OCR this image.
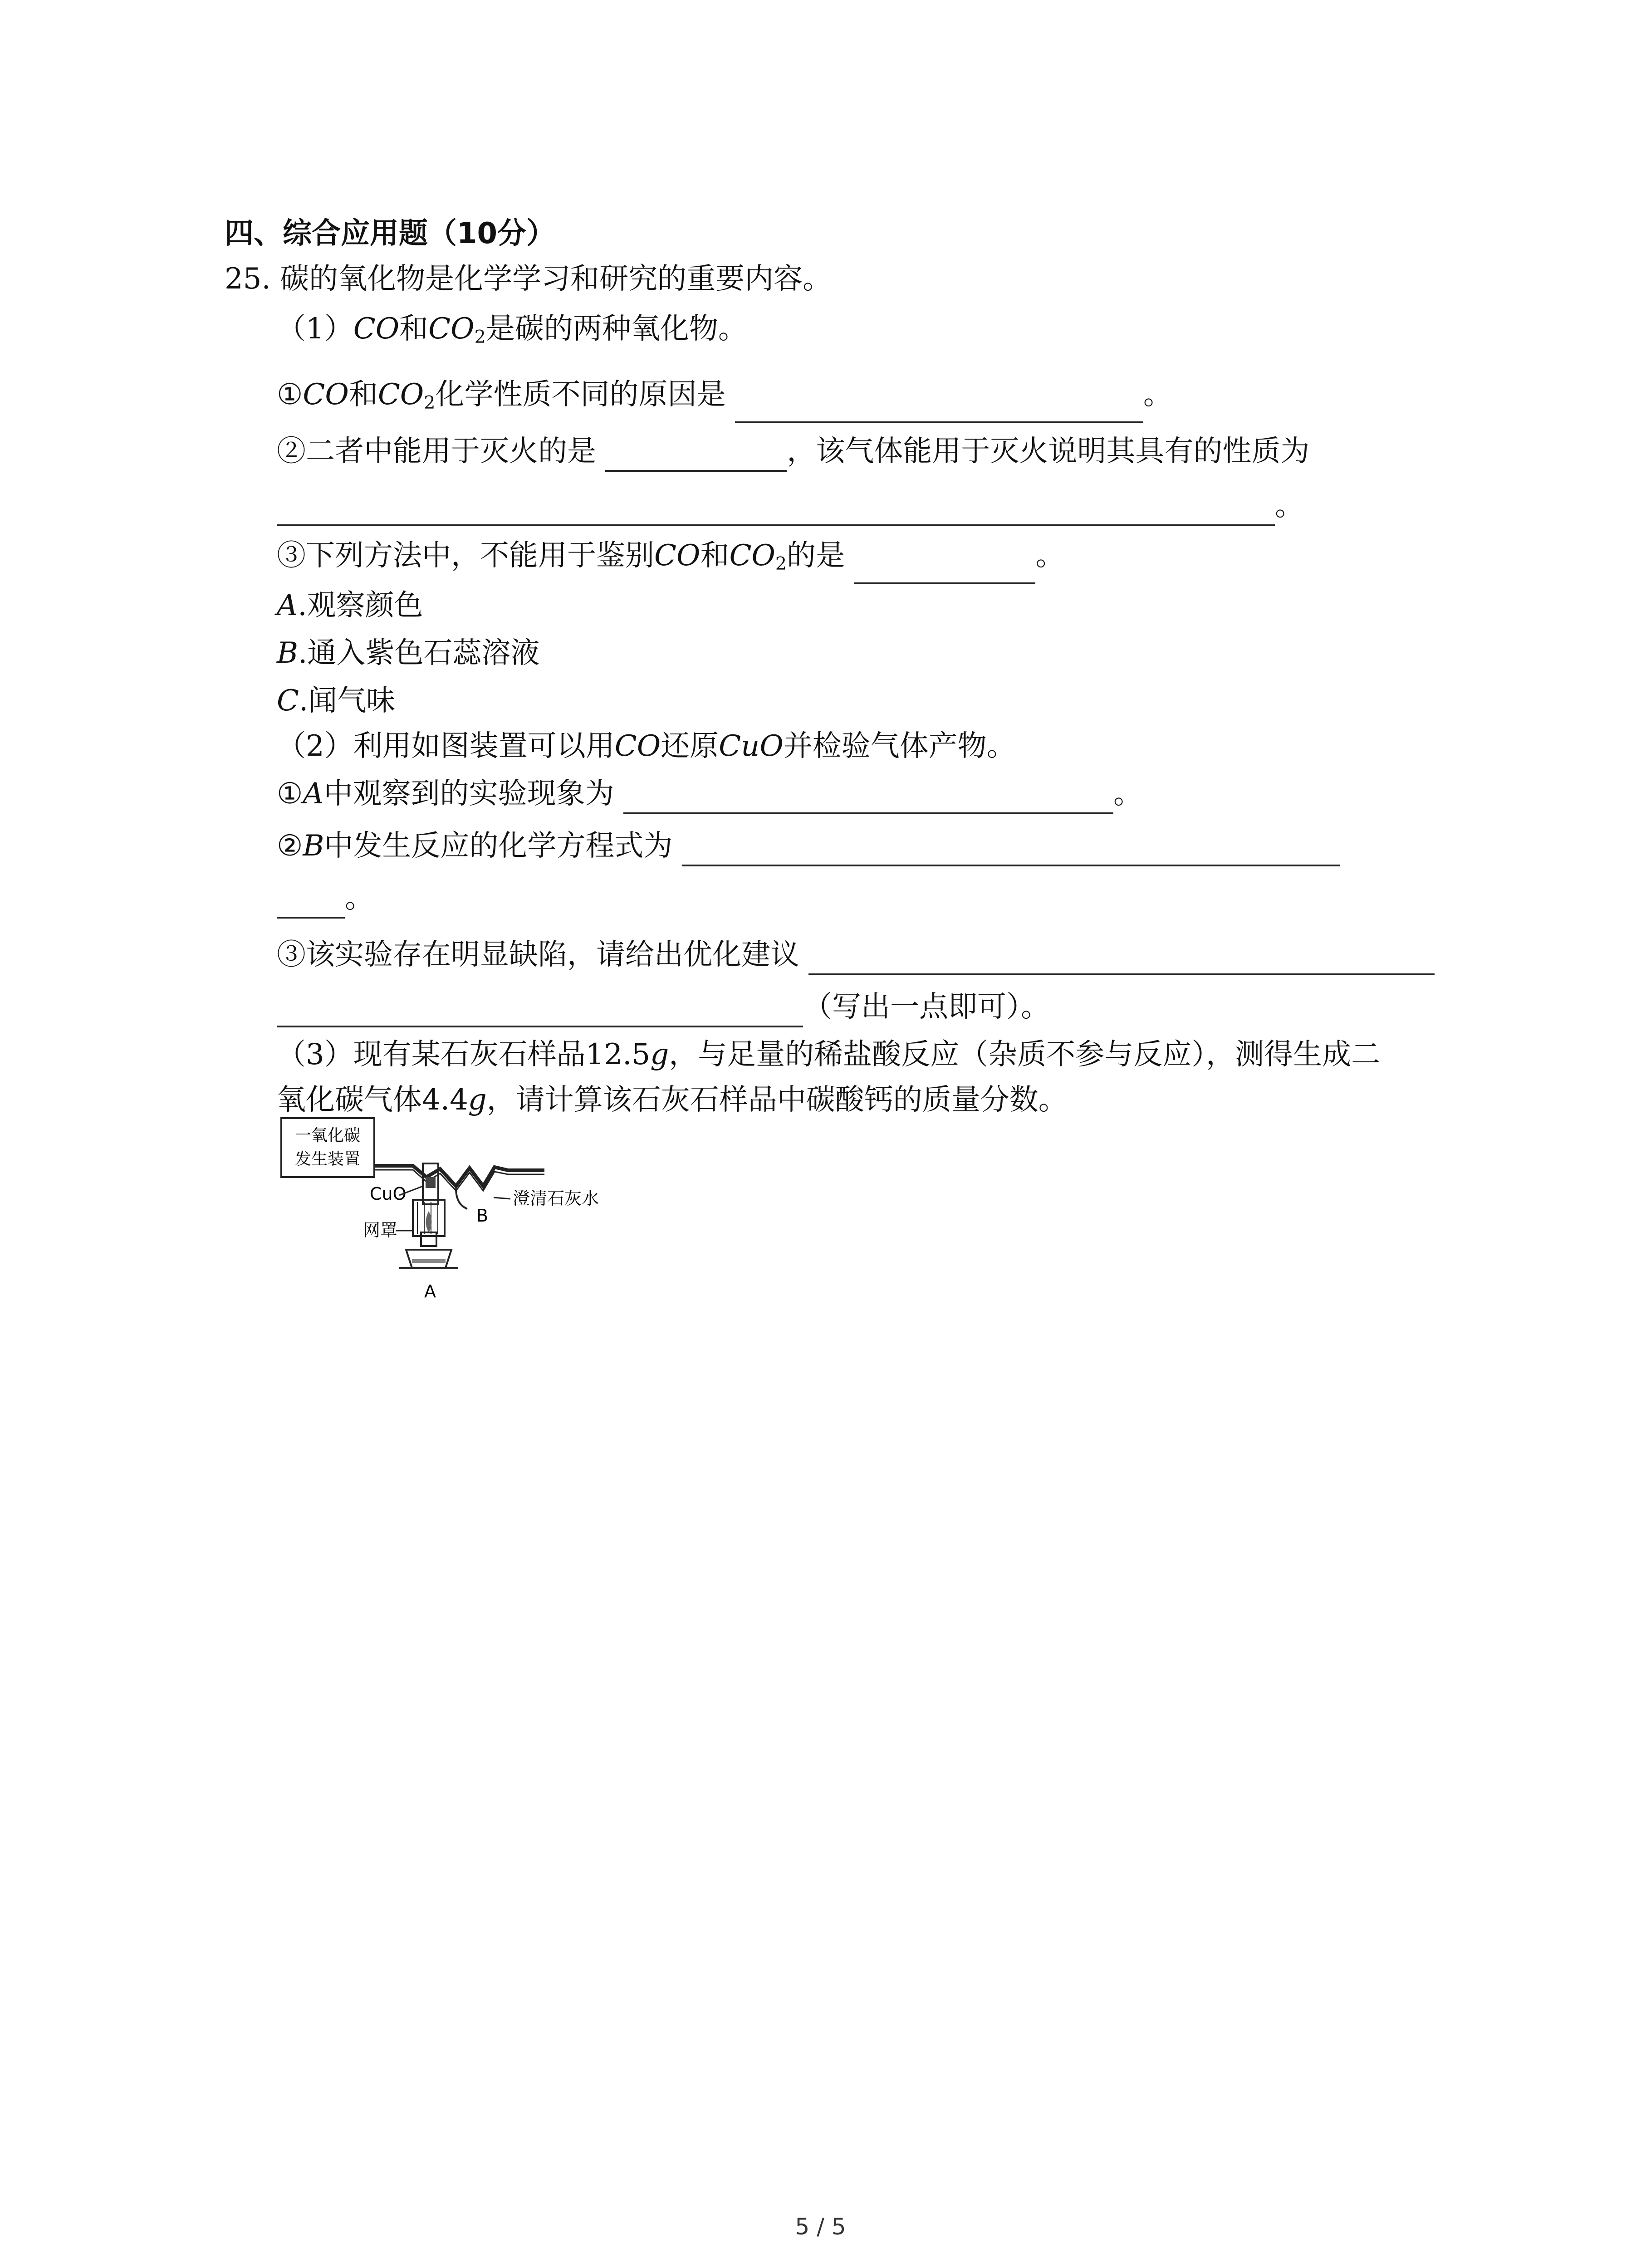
四、综合应用题（10分）
25. 碳的氧化物是化学学习和研究的重要内容。
（1）CO和$CO_2$是碳的两种氧化物。
①CO和$CO_2$化学性质不同的原因是	。
②二者中能用于灭火的是	，该气体能用于灭火说明其具有的性质为
。
③下列方法中，不能用于鉴别CO和$CO_2$的是	。
A.观察颜色
B.通入紫色石蕊溶液
C.闻气味
（2）利用如图装置可以用CO还原CuO并检验气体产物。
①A中观察到的实验现象为	。
②B中发生反应的化学方程式为
。
③该实验存在明显缺陷，请给出优化建议
（写出一点即可）。
（3）现有某石灰石样品12.5g，与足量的稀盐酸反应（杂质不参与反应），测得生成二
氧化碳气体4.4g，请计算该石灰石样品中碳酸钙的质量分数。
一氧化碳
发生装置
CuO
网罩
B
澄清石灰水
A
5 / 5
